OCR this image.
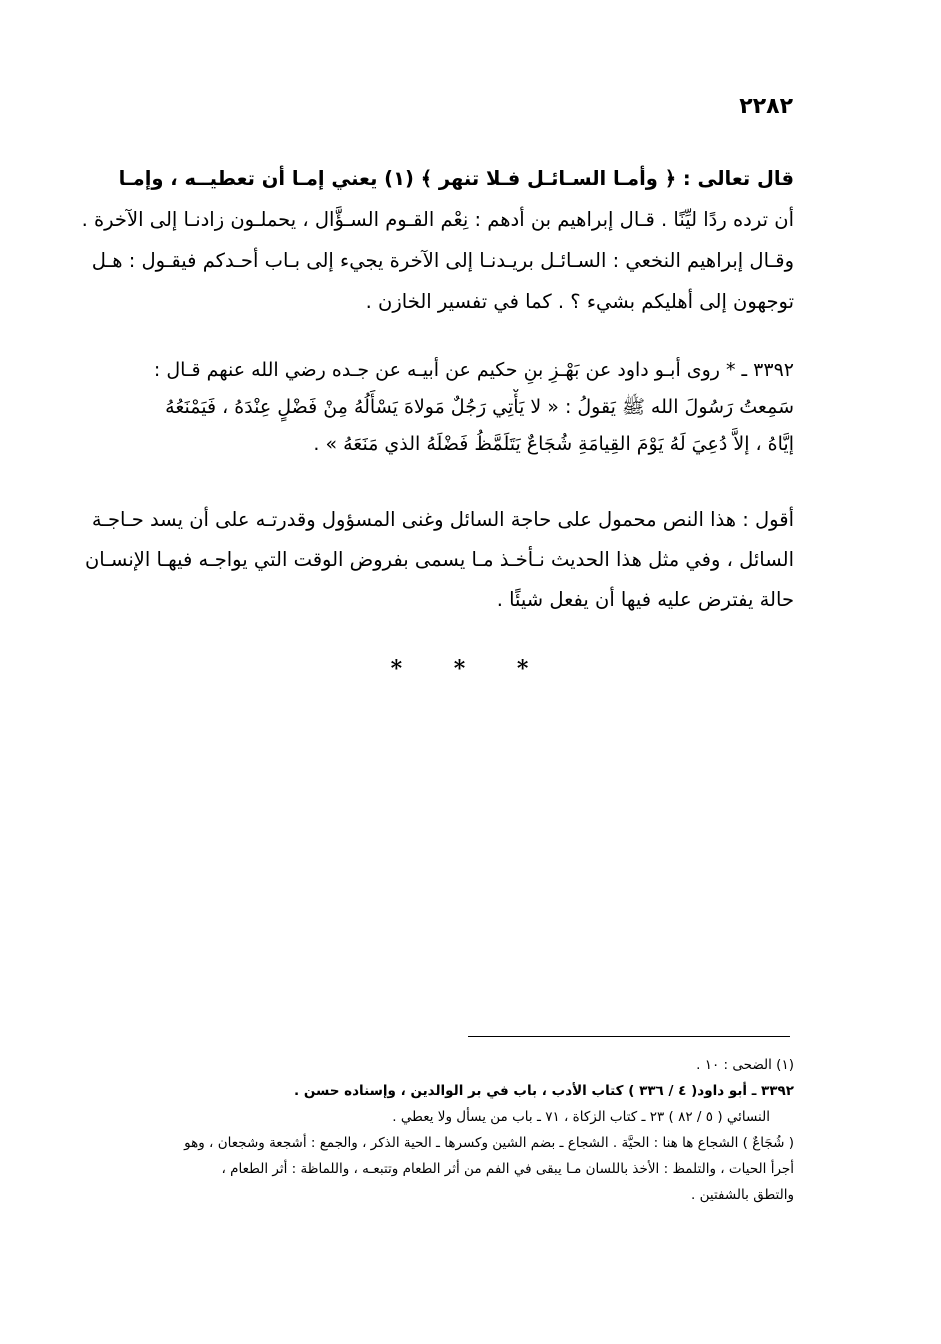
٢٢٨٢
قال تعالى : ﴿ وأمـا السـائـل فـلا تنهر ﴾ (١) يعني إمـا أن تعطيــه ، وإمـا
أن ترده ردًا ليِّنًا . قـال إبراهيم بن أدهم : نِعْم القـوم السـؤَّال ، يحملـون زادنـا إلى الآخرة .
وقـال إبراهيم النخعي : السـائـل بريـدنـا إلى الآخرة يجيء إلى بـاب أحـدكم فيقـول : هـل
توجهون إلى أهليكم بشيء ؟ . كما في تفسير الخازن .
٣٣٩٢ ـ * روى أبـو داود عن بَهْـزِ بنِ حكيم عن أبيـه عن جـده رضي الله عنهم قـال :
سَمِعتُ رَسُولَ الله ﷺ يَقولُ : « لا يَأْتِي رَجُلٌ مَولاهَ يَسْأَلُهُ مِنْ فَضْلٍ عِنْدَهُ ، فَيَمْنَعُهُ
إيَّاهُ ، إلاَّ دُعِيَ لَهُ يَوْمَ القِيامَةِ شُجَاعٌ يَتَلَمَّظُ فَضْلَهُ الذي مَنَعَهُ » .
أقول : هذا النص محمول على حاجة السائل وغنى المسؤول وقدرتـه على أن يسد حـاجـة
السائل ، وفي مثل هذا الحديث نـأخـذ مـا يسمى بفروض الوقت التي يواجـه فيهـا الإنسـان
حالة يفترض عليه فيها أن يفعل شيئًا .
* * *
(١) الضحى : ١٠ .
٣٣٩٢ ـ أبو داود( ٤ / ٣٣٦ ) كتاب الأدب ، باب في بر الوالدين ، وإسناده حسن .
النسائي ( ٥ / ٨٢ ) ٢٣ ـ كتاب الزكاة ، ٧١ ـ باب من يسأل ولا يعطي .
( شُجَاعٌ ) الشجاع ها هنا : الحيَّة . الشجاع ـ بضم الشين وكسرها ـ الحية الذكر ، والجمع : أشجعة وشجعان ، وهو
أجرأ الحيات ، والتلمظ : الأخذ باللسان مـا يبقى في الفم من أثر الطعام وتتبعـه ، واللماظة : أثر الطعام ،
والتطق بالشفتين .
